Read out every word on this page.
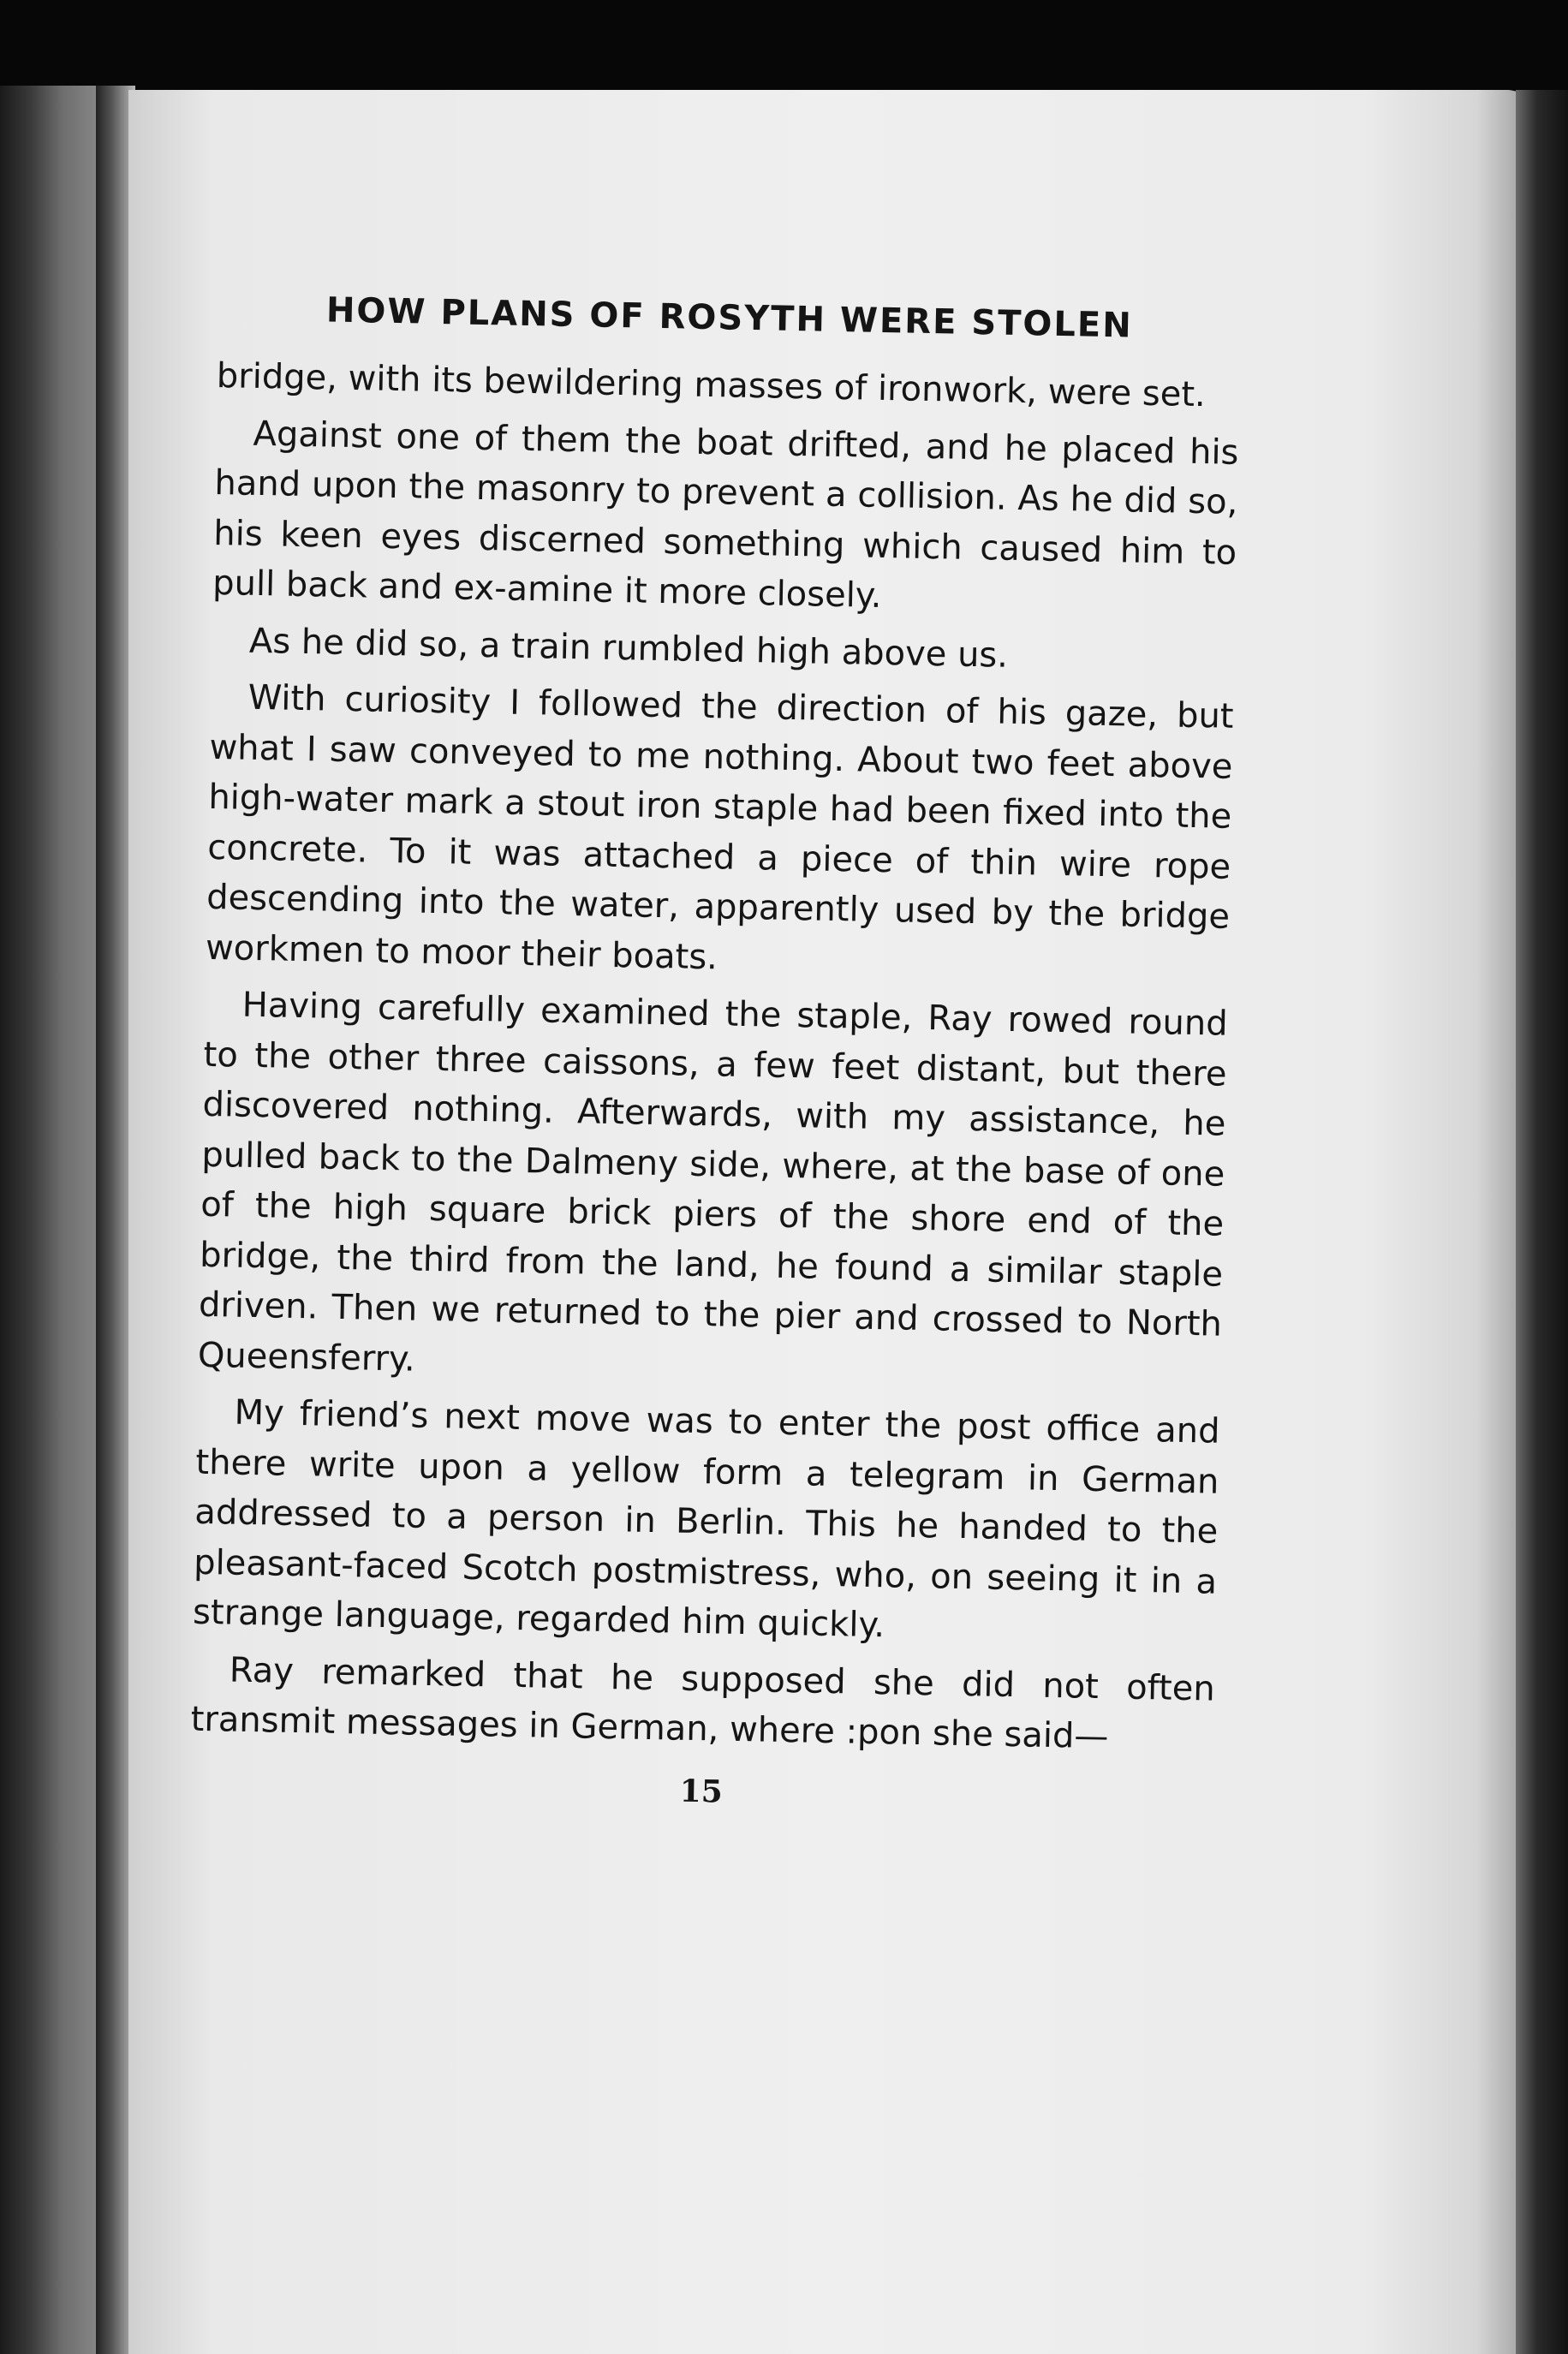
HOW PLANS OF ROSYTH WERE STOLEN

bridge, with its bewildering masses of ironwork, were set.

Against one of them the boat drifted, and he placed his hand upon the masonry to prevent a collision. As he did so, his keen eyes discerned something which caused him to pull back and ex-amine it more closely.

As he did so, a train rumbled high above us.

With curiosity I followed the direction of his gaze, but what I saw conveyed to me nothing. About two feet above high-water mark a stout iron staple had been fixed into the concrete. To it was attached a piece of thin wire rope descending into the water, apparently used by the bridge workmen to moor their boats.

Having carefully examined the staple, Ray rowed round to the other three caissons, a few feet distant, but there discovered nothing. Afterwards, with my assistance, he pulled back to the Dalmeny side, where, at the base of one of the high square brick piers of the shore end of the bridge, the third from the land, he found a similar staple driven. Then we returned to the pier and crossed to North Queensferry.

My friend’s next move was to enter the post office and there write upon a yellow form a telegram in German addressed to a person in Berlin. This he handed to the pleasant-faced Scotch postmistress, who, on seeing it in a strange language, regarded him quickly.

Ray remarked that he supposed she did not often transmit messages in German, where :pon she said—

15
